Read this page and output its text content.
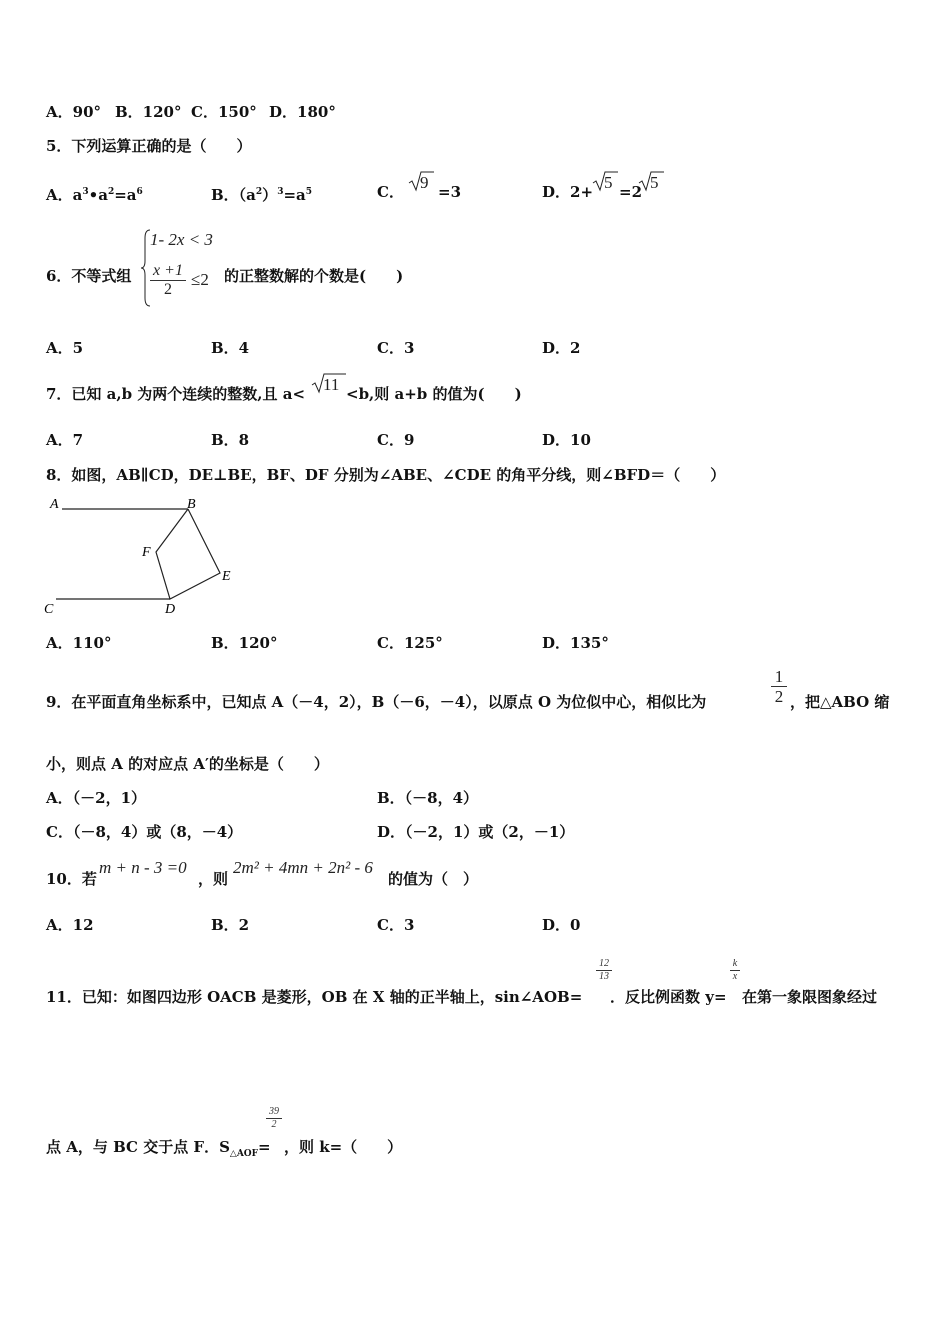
A．90° B．120° C．150° D．180°
5．下列运算正确的是（　　）
A．$a^3•a^2=a^6$	B．$(a^2)^3=a^5$	C． 9 =3	D．2+ 5 =2 5
6．不等式组
1- 2x < 3
$\frac{x +1}{2} \le 2$ 的正整数解的个数是(　　)
A．5	B．4	C．3	D．2
7．已知 a,b 为两个连续的整数,且 a< 11 <b,则 a+b 的值为(　　)
A．7	B．8	C．9	D．10
8．如图，AB∥CD，DE⊥BE，BF、DF 分别为∠ABE、∠CDE 的角平分线，则∠BFD＝（　　）
A	B
F
E
C	D
A．110°	B．120°	C．125°	D．135°
9．在平面直角坐标系中，已知点 A（－4，2），B（－6，－4），以原点 O 为位似中心，相似比为	$\frac{1}{2}$ ，把△ABO 缩
小，则点 A 的对应点 A′的坐标是（　　）
A．（－2，1）	B．（－8，4）
C．（－8，4）或（8，－4）	D．（－2，1）或（2，－1）
10．若
m + n - 3 =0
，则
2m² + 4mn + 2n² - 6
的值为（　）
A．12	B．2	C．3	D．0
11．已知：如图四边形 OACB 是菱形，OB 在 X 轴的正半轴上，sin∠AOB=
$\frac{12}{13}$
．反比例函数 y=
$\frac{k}{x}$
在第一象限图象经过
点 A，与 BC 交于点 F．$S_{\triangle AOF}=$
$\frac{39}{2}$
，则 k=（　　）
